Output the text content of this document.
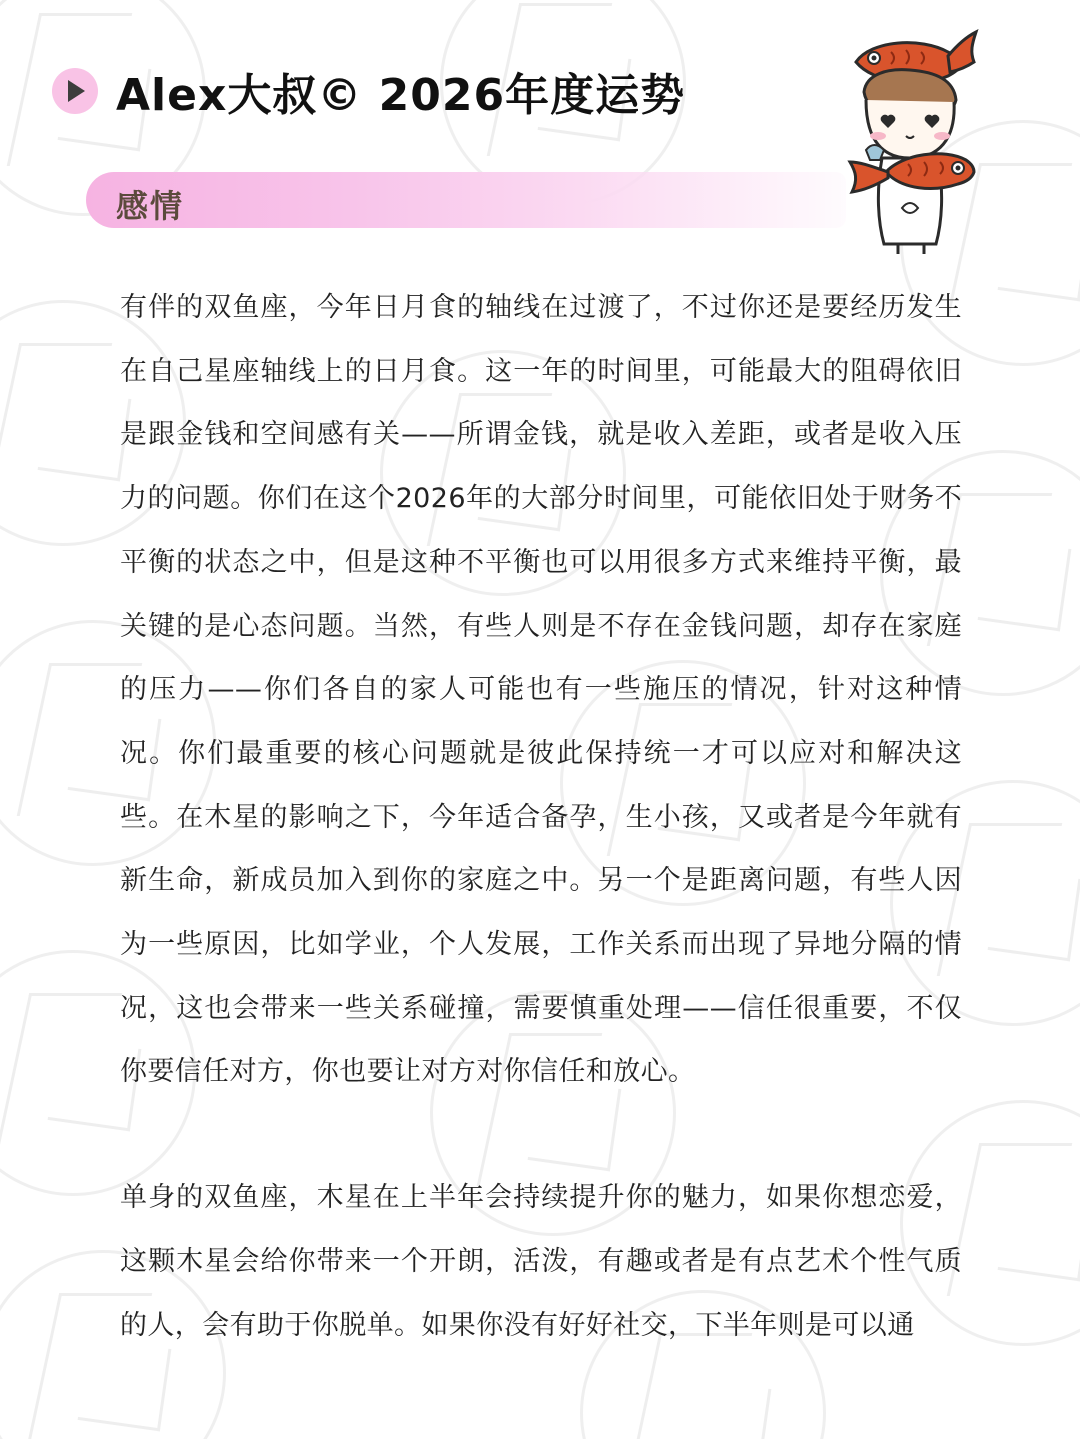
Alex大叔© 2026年度运势
感情

有伴的双鱼座，今年日月食的轴线在过渡了，不过你还是要经历发生在自己星座轴线上的日月食。这一年的时间里，可能最大的阻碍依旧是跟金钱和空间感有关——所谓金钱，就是收入差距，或者是收入压力的问题。你们在这个2026年的大部分时间里，可能依旧处于财务不平衡的状态之中，但是这种不平衡也可以用很多方式来维持平衡，最关键的是心态问题。当然，有些人则是不存在金钱问题，却存在家庭的压力——你们各自的家人可能也有一些施压的情况，针对这种情况。你们最重要的核心问题就是彼此保持统一才可以应对和解决这些。在木星的影响之下，今年适合备孕，生小孩，又或者是今年就有新生命，新成员加入到你的家庭之中。另一个是距离问题，有些人因为一些原因，比如学业，个人发展，工作关系而出现了异地分隔的情况，这也会带来一些关系碰撞，需要慎重处理——信任很重要，不仅你要信任对方，你也要让对方对你信任和放心。

单身的双鱼座，木星在上半年会持续提升你的魅力，如果你想恋爱，这颗木星会给你带来一个开朗，活泼，有趣或者是有点艺术个性气质的人，会有助于你脱单。如果你没有好好社交，下半年则是可以通
